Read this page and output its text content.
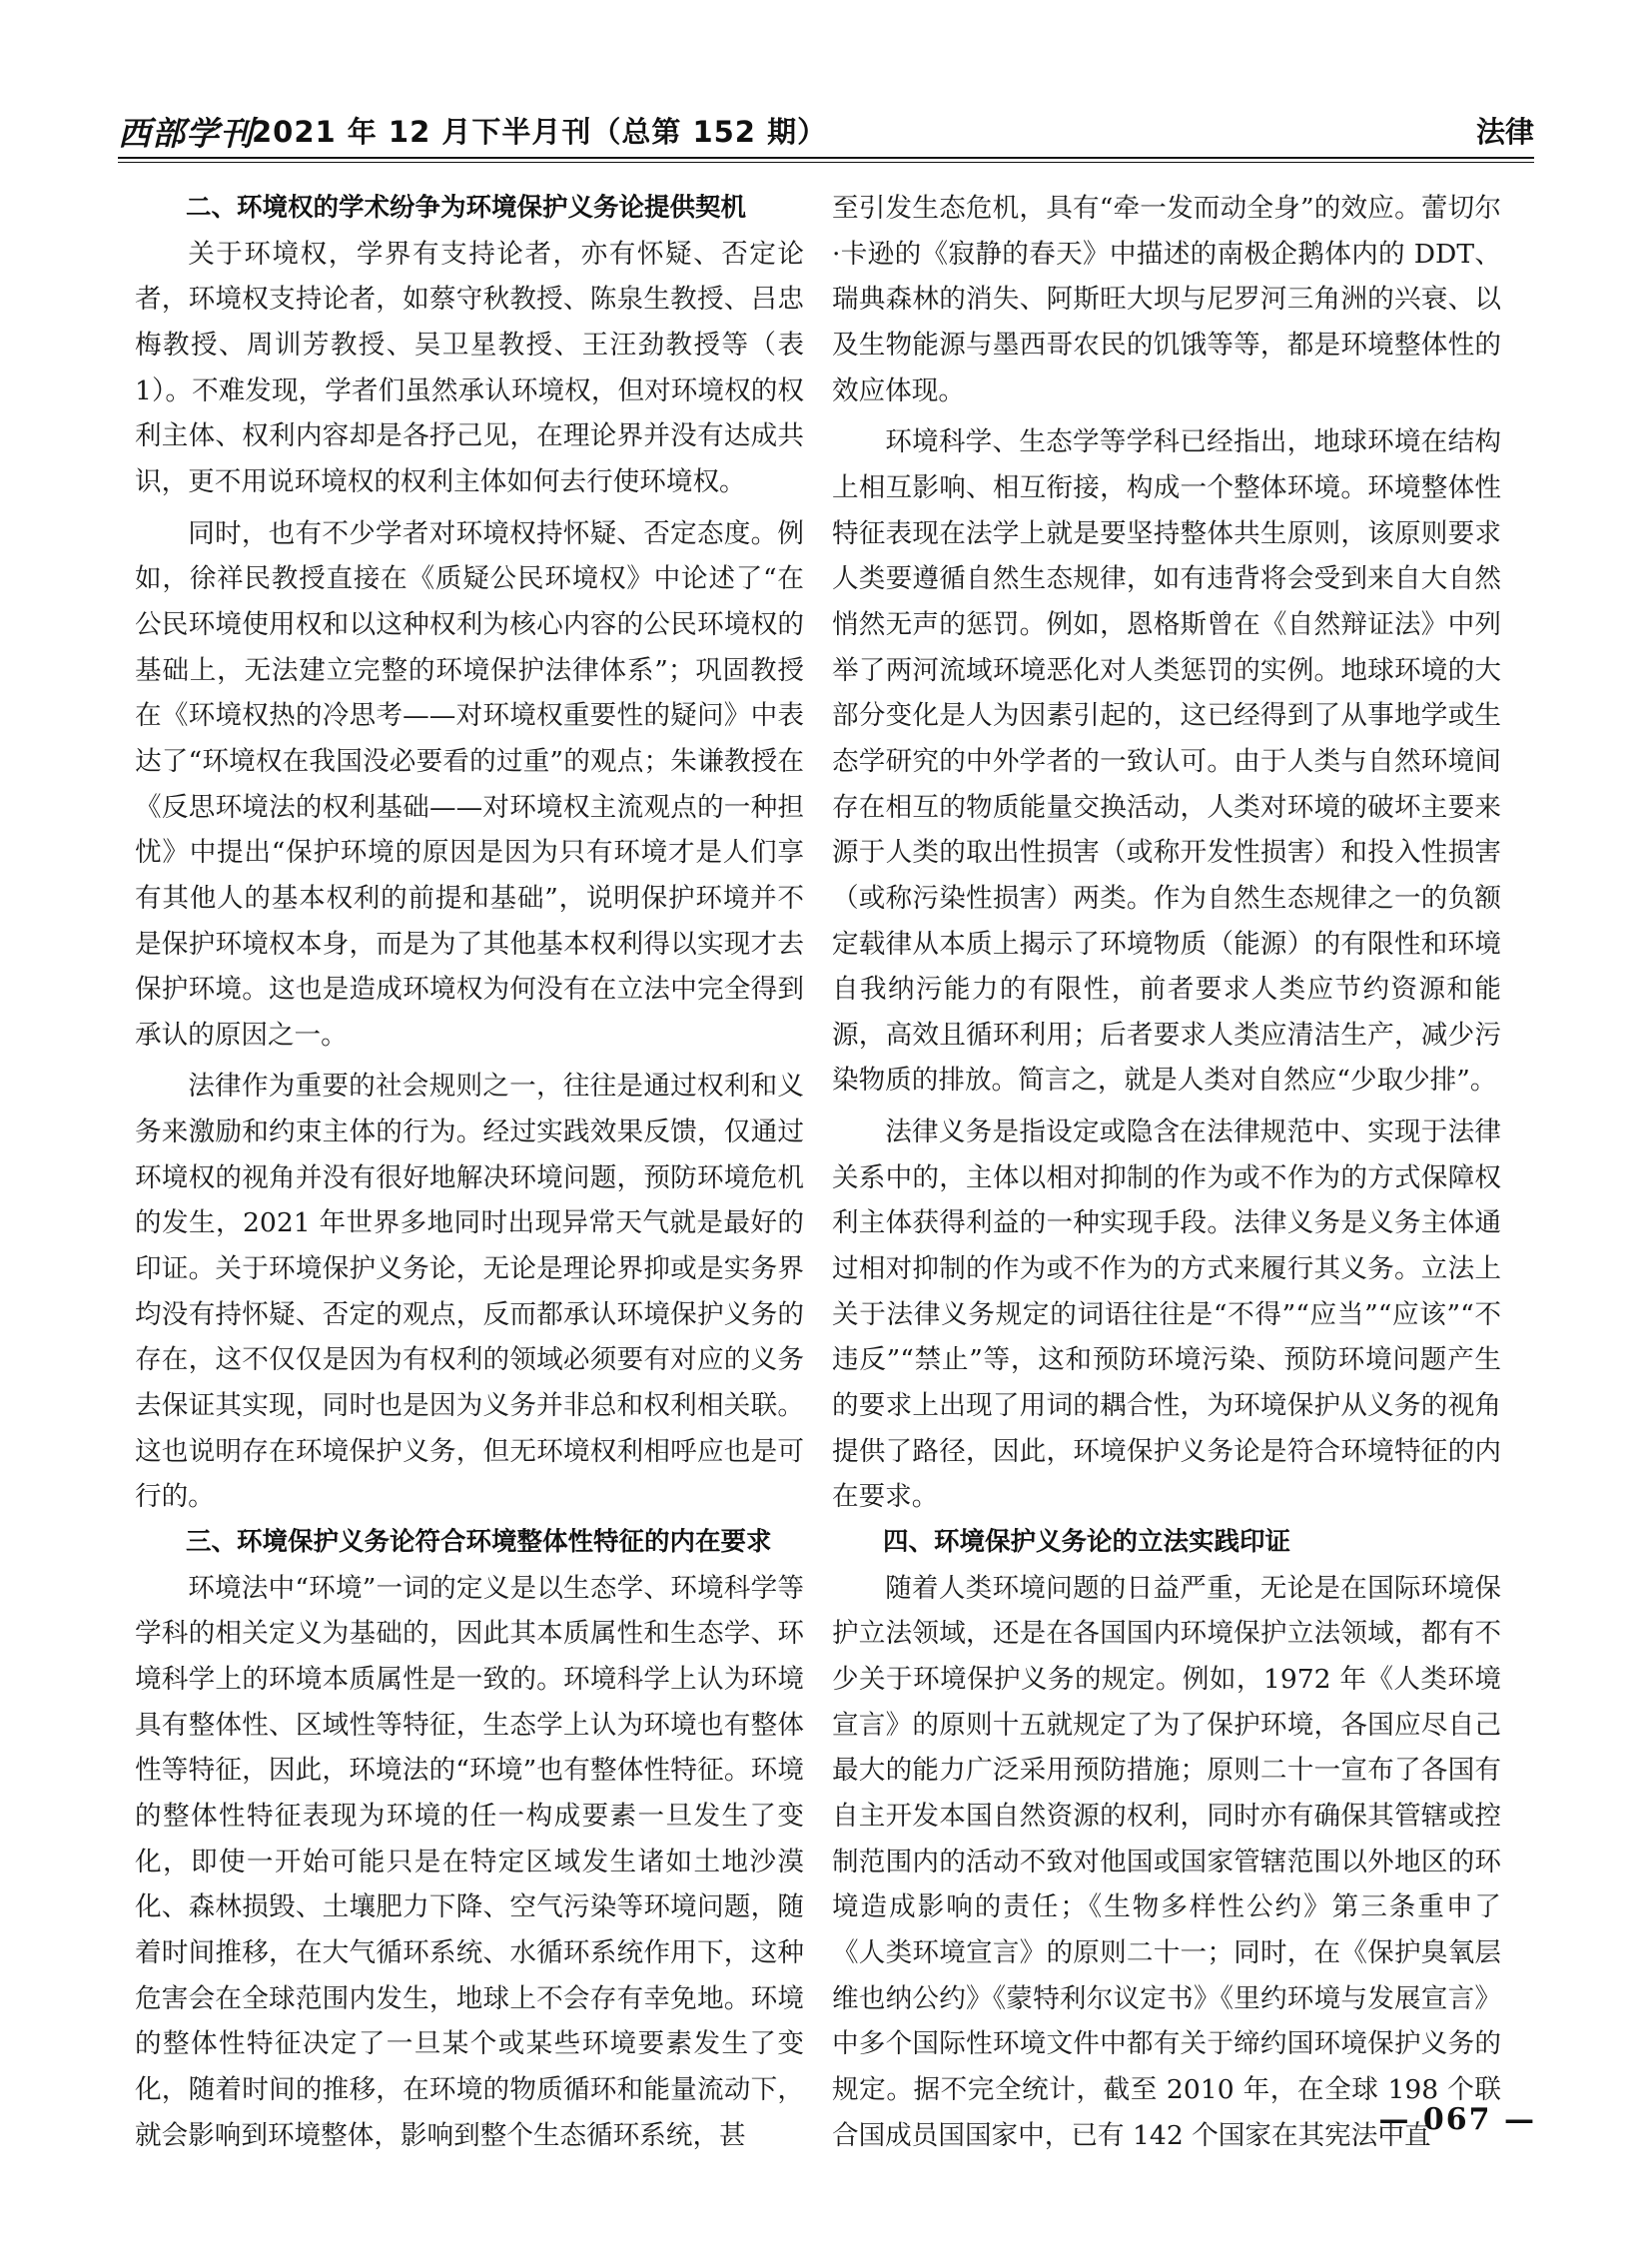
西部学刊
2021 年 12 月下半月刊（总第 152 期）	法律
二、环境权的学术纷争为环境保护义务论提供契机

关于环境权，学界有支持论者，亦有怀疑、否定论者，环境权支持论者，如蔡守秋教授、陈泉生教授、吕忠梅教授、周训芳教授、吴卫星教授、王汪劲教授等（表 1）。不难发现，学者们虽然承认环境权，但对环境权的权利主体、权利内容却是各抒己见，在理论界并没有达成共识，更不用说环境权的权利主体如何去行使环境权。

同时，也有不少学者对环境权持怀疑、否定态度。例如，徐祥民教授直接在《质疑公民环境权》中论述了“在公民环境使用权和以这种权利为核心内容的公民环境权的基础上，无法建立完整的环境保护法律体系”；巩固教授在《环境权热的冷思考——对环境权重要性的疑问》中表达了“环境权在我国没必要看的过重”的观点；朱谦教授在《反思环境法的权利基础——对环境权主流观点的一种担忧》中提出“保护环境的原因是因为只有环境才是人们享有其他人的基本权利的前提和基础”，说明保护环境并不是保护环境权本身，而是为了其他基本权利得以实现才去保护环境。这也是造成环境权为何没有在立法中完全得到承认的原因之一。

法律作为重要的社会规则之一，往往是通过权利和义务来激励和约束主体的行为。经过实践效果反馈，仅通过环境权的视角并没有很好地解决环境问题，预防环境危机的发生，2021 年世界多地同时出现异常天气就是最好的印证。关于环境保护义务论，无论是理论界抑或是实务界均没有持怀疑、否定的观点，反而都承认环境保护义务的存在，这不仅仅是因为有权利的领域必须要有对应的义务去保证其实现，同时也是因为义务并非总和权利相关联。这也说明存在环境保护义务，但无环境权利相呼应也是可行的。

三、环境保护义务论符合环境整体性特征的内在要求

环境法中“环境”一词的定义是以生态学、环境科学等学科的相关定义为基础的，因此其本质属性和生态学、环境科学上的环境本质属性是一致的。环境科学上认为环境具有整体性、区域性等特征，生态学上认为环境也有整体性等特征，因此，环境法的“环境”也有整体性特征。环境的整体性特征表现为环境的任一构成要素一旦发生了变化，即使一开始可能只是在特定区域发生诸如土地沙漠化、森林损毁、土壤肥力下降、空气污染等环境问题，随着时间推移，在大气循环系统、水循环系统作用下，这种危害会在全球范围内发生，地球上不会存有幸免地。环境的整体性特征决定了一旦某个或某些环境要素发生了变化，随着时间的推移，在环境的物质循环和能量流动下，就会影响到环境整体，影响到整个生态循环系统，甚

至引发生态危机，具有“牵一发而动全身”的效应。蕾切尔·卡逊的《寂静的春天》中描述的南极企鹅体内的 DDT、瑞典森林的消失、阿斯旺大坝与尼罗河三角洲的兴衰、以及生物能源与墨西哥农民的饥饿等等，都是环境整体性的效应体现。

环境科学、生态学等学科已经指出，地球环境在结构上相互影响、相互衔接，构成一个整体环境。环境整体性特征表现在法学上就是要坚持整体共生原则，该原则要求人类要遵循自然生态规律，如有违背将会受到来自大自然悄然无声的惩罚。例如，恩格斯曾在《自然辩证法》中列举了两河流域环境恶化对人类惩罚的实例。地球环境的大部分变化是人为因素引起的，这已经得到了从事地学或生态学研究的中外学者的一致认可。由于人类与自然环境间存在相互的物质能量交换活动，人类对环境的破坏主要来源于人类的取出性损害（或称开发性损害）和投入性损害（或称污染性损害）两类。作为自然生态规律之一的负额定载律从本质上揭示了环境物质（能源）的有限性和环境自我纳污能力的有限性，前者要求人类应节约资源和能源，高效且循环利用；后者要求人类应清洁生产，减少污染物质的排放。简言之，就是人类对自然应“少取少排”。

法律义务是指设定或隐含在法律规范中、实现于法律关系中的，主体以相对抑制的作为或不作为的方式保障权利主体获得利益的一种实现手段。法律义务是义务主体通过相对抑制的作为或不作为的方式来履行其义务。立法上关于法律义务规定的词语往往是“不得”“应当”“应该”“不违反”“禁止”等，这和预防环境污染、预防环境问题产生的要求上出现了用词的耦合性，为环境保护从义务的视角提供了路径，因此，环境保护义务论是符合环境特征的内在要求。

四、环境保护义务论的立法实践印证

随着人类环境问题的日益严重，无论是在国际环境保护立法领域，还是在各国国内环境保护立法领域，都有不少关于环境保护义务的规定。例如，1972 年《人类环境宣言》的原则十五就规定了为了保护环境，各国应尽自己最大的能力广泛采用预防措施；原则二十一宣布了各国有自主开发本国自然资源的权利，同时亦有确保其管辖或控制范围内的活动不致对他国或国家管辖范围以外地区的环境造成影响的责任；《生物多样性公约》第三条重申了《人类环境宣言》的原则二十一；同时，在《保护臭氧层维也纳公约》《蒙特利尔议定书》《里约环境与发展宣言》中多个国际性环境文件中都有关于缔约国环境保护义务的规定。据不完全统计，截至 2010 年，在全球 198 个联合国成员国国家中，已有 142 个国家在其宪法中直

— 067 —
